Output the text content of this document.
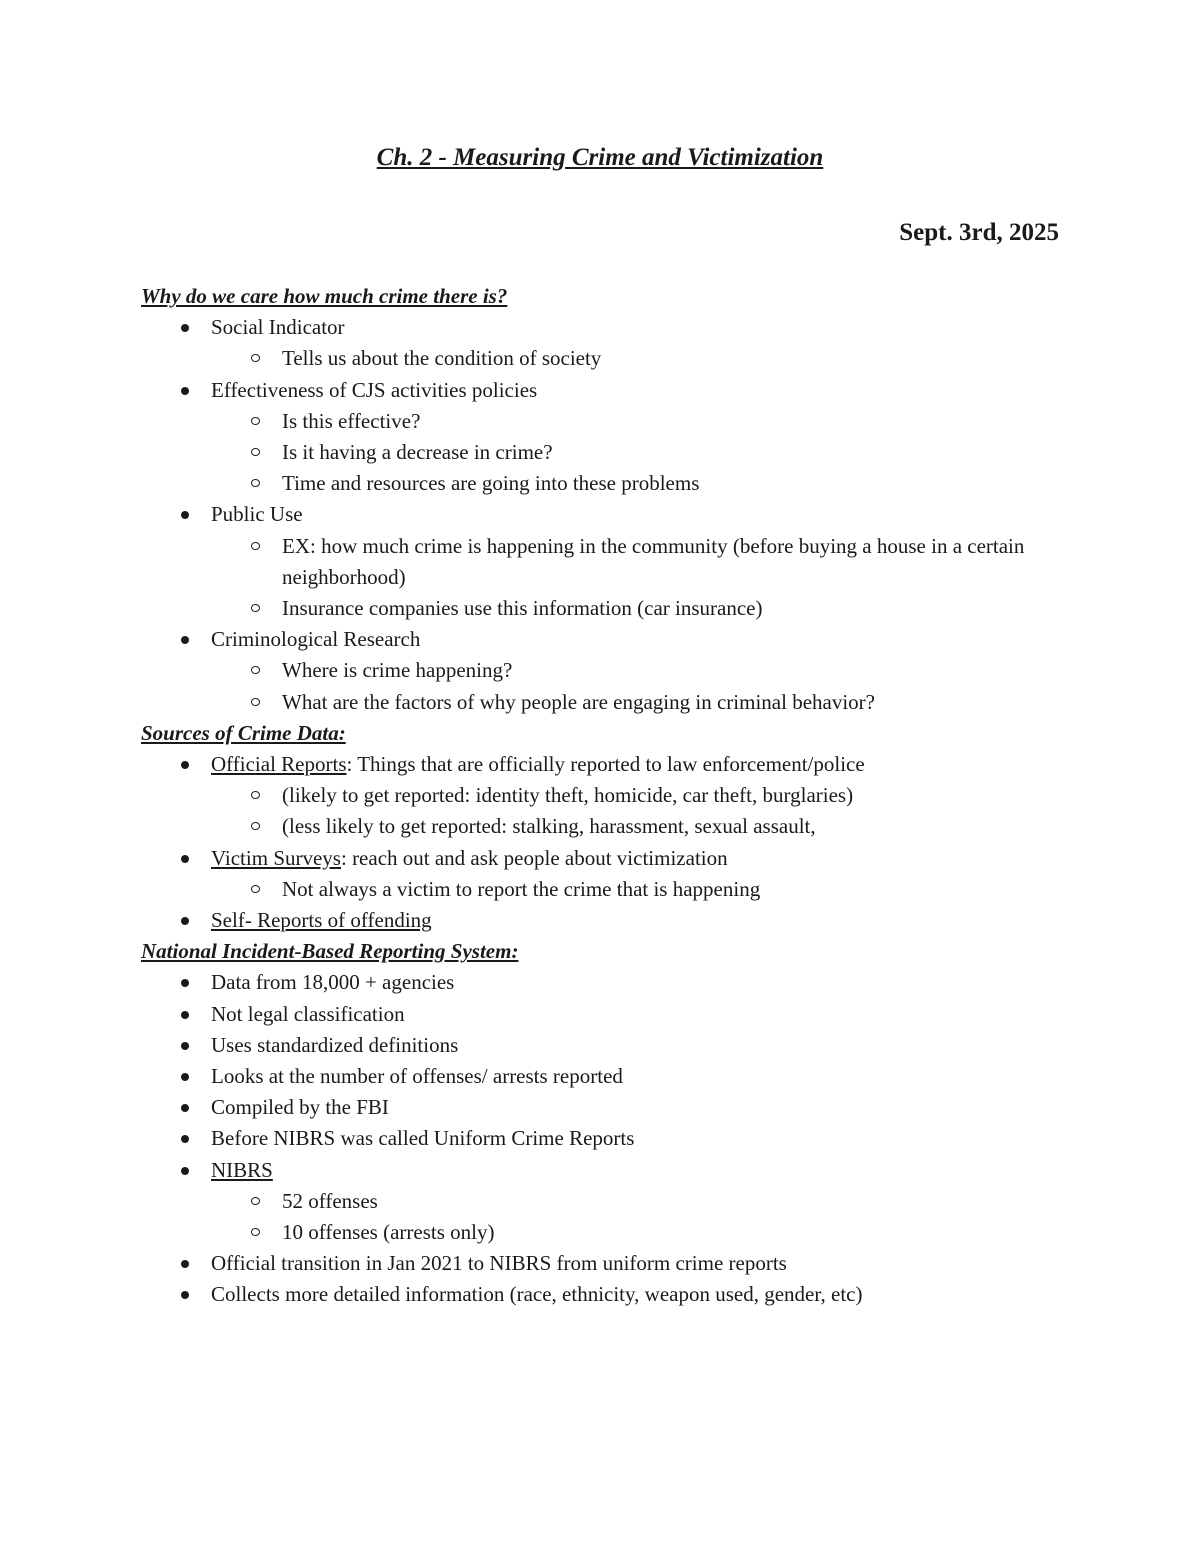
Ch. 2 - Measuring Crime and Victimization
Sept. 3rd, 2025
Why do we care how much crime there is?
Social Indicator
Tells us about the condition of society
Effectiveness of CJS activities policies
Is this effective?
Is it having a decrease in crime?
Time and resources are going into these problems
Public Use
EX: how much crime is happening in the community (before buying a house in a certain neighborhood)
Insurance companies use this information (car insurance)
Criminological Research
Where is crime happening?
What are the factors of why people are engaging in criminal behavior?
Sources of Crime Data:
Official Reports: Things that are officially reported to law enforcement/police
(likely to get reported: identity theft, homicide, car theft, burglaries)
(less likely to get reported: stalking, harassment, sexual assault,
Victim Surveys: reach out and ask people about victimization
Not always a victim to report the crime that is happening
Self- Reports of offending
National Incident-Based Reporting System:
Data from 18,000 + agencies
Not legal classification
Uses standardized definitions
Looks at the number of offenses/ arrests reported
Compiled by the FBI
Before NIBRS was called Uniform Crime Reports
NIBRS
52 offenses
10 offenses (arrests only)
Official transition in Jan 2021 to NIBRS from uniform crime reports
Collects more detailed information (race, ethnicity, weapon used, gender, etc)
